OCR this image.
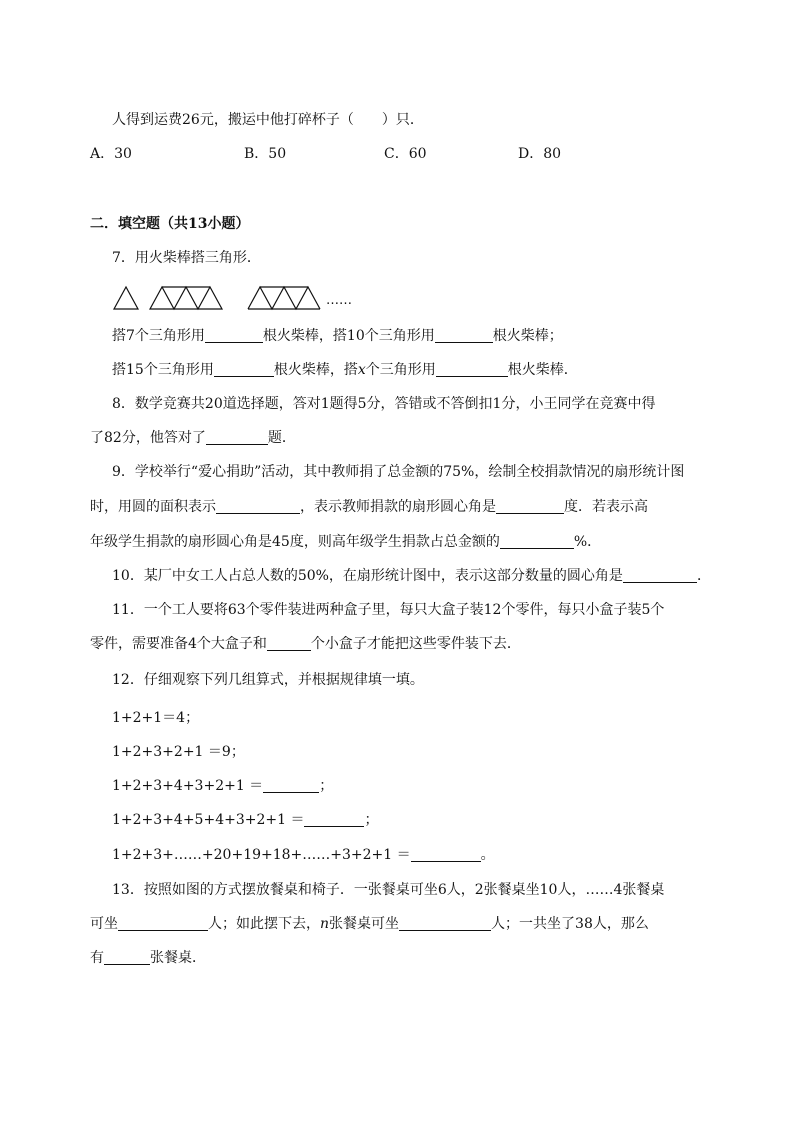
人得到运费26元，搬运中他打碎杯子（　　）只．
A．30	B．50	C．60	D．80
二．填空题（共13小题）
7．用火柴棒搭三角形．
……
搭7个三角形用	根火柴棒，搭10个三角形用	根火柴棒；
搭15个三角形用	根火柴棒，搭x个三角形用	根火柴棒．
8．数学竞赛共20道选择题，答对1题得5分，答错或不答倒扣1分，小王同学在竞赛中得
了82分，他答对了	题．
9．学校举行“爱心捐助”活动，其中教师捐了总金额的75%，绘制全校捐款情况的扇形统计图
时，用圆的面积表示	，表示教师捐款的扇形圆心角是	度．若表示高
年级学生捐款的扇形圆心角是45度，则高年级学生捐款占总金额的	%．
10．某厂中女工人占总人数的50%，在扇形统计图中，表示这部分数量的圆心角是	．
11．一个工人要将63个零件装进两种盒子里，每只大盒子装12个零件，每只小盒子装5个
零件，需要准备4个大盒子和	个小盒子才能把这些零件装下去．
12．仔细观察下列几组算式，并根据规律填一填。
1+2+1＝4；
1+2+3+2+1 ＝9；
1+2+3+4+3+2+1 ＝	；
1+2+3+4+5+4+3+2+1 ＝	；
1+2+3+……+20+19+18+……+3+2+1 ＝	。
13．按照如图的方式摆放餐桌和椅子．一张餐桌可坐6人，2张餐桌坐10人，……4张餐桌
可坐	人；如此摆下去，n张餐桌可坐	人；一共坐了38人，那么
有	张餐桌．
